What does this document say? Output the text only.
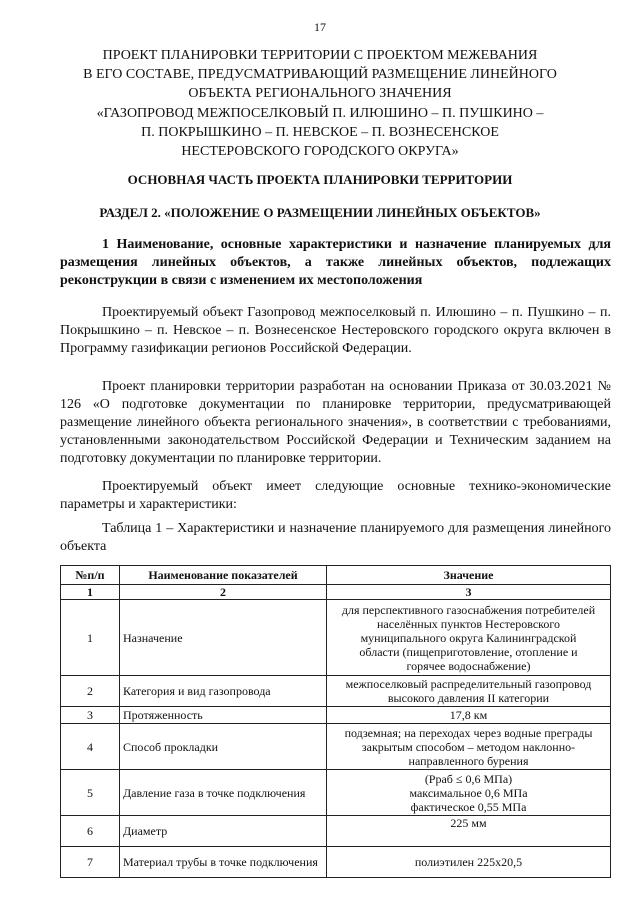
17
ПРОЕКТ ПЛАНИРОВКИ ТЕРРИТОРИИ С ПРОЕКТОМ МЕЖЕВАНИЯ
В ЕГО СОСТАВЕ, ПРЕДУСМАТРИВАЮЩИЙ РАЗМЕЩЕНИЕ ЛИНЕЙНОГО
ОБЪЕКТА РЕГИОНАЛЬНОГО ЗНАЧЕНИЯ
«ГАЗОПРОВОД МЕЖПОСЕЛКОВЫЙ П. ИЛЮШИНО – П. ПУШКИНО –
П. ПОКРЫШКИНО – П. НЕВСКОЕ – П. ВОЗНЕСЕНСКОЕ
НЕСТЕРОВСКОГО ГОРОДСКОГО ОКРУГА»
ОСНОВНАЯ ЧАСТЬ ПРОЕКТА ПЛАНИРОВКИ ТЕРРИТОРИИ
РАЗДЕЛ 2. «ПОЛОЖЕНИЕ О РАЗМЕЩЕНИИ ЛИНЕЙНЫХ ОБЪЕКТОВ»
1 Наименование, основные характеристики и назначение планируемых для размещения линейных объектов, а также линейных объектов, подлежащих реконструкции в связи с изменением их местоположения
Проектируемый объект Газопровод межпоселковый п. Илюшино – п. Пушкино – п. Покрышкино – п. Невское – п. Вознесенское Нестеровского городского округа включен в Программу газификации регионов Российской Федерации.
Проект планировки территории разработан на основании Приказа от 30.03.2021 № 126 «О подготовке документации по планировке территории, предусматривающей размещение линейного объекта регионального значения», в соответствии с требованиями, установленными законодательством Российской Федерации и Техническим заданием на подготовку документации по планировке территории.
Проектируемый объект имеет следующие основные технико-экономические параметры и характеристики:
Таблица 1 – Характеристики и назначение планируемого для размещения линейного объекта
№п/п	Наименование показателей	Значение
1	2	3
1	Назначение	для перспективного газоснабжения потребителей
населённых пунктов Нестеровского
муниципального округа Калининградской
области (пищеприготовление, отопление и
горячее водоснабжение)

2	Категория и вид газопровода	межпоселковый распределительный газопровод
высокого давления II категории

3	Протяженность	17,8 км

4	Способ прокладки	подземная; на переходах через водные преграды
закрытым способом – методом наклонно-
направленного бурения

5	Давление газа в точке подключения	(Рраб ≤ 0,6 МПа)
максимальное 0,6 МПа
фактическое 0,55 МПа

6	Диаметр	225 мм

7	Материал трубы в точке подключения	полиэтилен 225х20,5
